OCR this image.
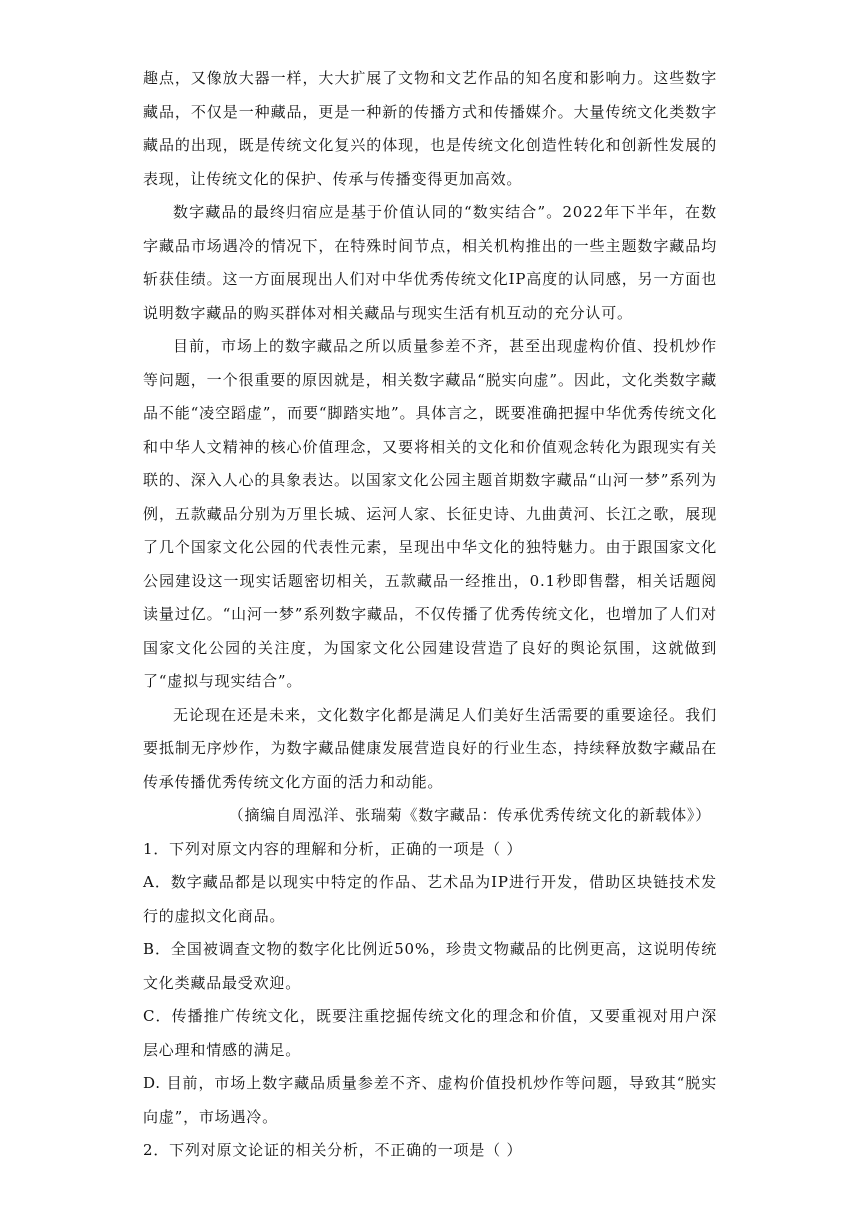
趣点，又像放大器一样，大大扩展了文物和文艺作品的知名度和影响力。这些数字藏品，不仅是一种藏品，更是一种新的传播方式和传播媒介。大量传统文化类数字藏品的出现，既是传统文化复兴的体现，也是传统文化创造性转化和创新性发展的表现，让传统文化的保护、传承与传播变得更加高效。

数字藏品的最终归宿应是基于价值认同的“数实结合”。2022年下半年，在数字藏品市场遇冷的情况下，在特殊时间节点，相关机构推出的一些主题数字藏品均斩获佳绩。这一方面展现出人们对中华优秀传统文化IP高度的认同感，另一方面也说明数字藏品的购买群体对相关藏品与现实生活有机互动的充分认可。

目前，市场上的数字藏品之所以质量参差不齐，甚至出现虚构价值、投机炒作等问题，一个很重要的原因就是，相关数字藏品“脱实向虚”。因此，文化类数字藏品不能“凌空蹈虚”，而要“脚踏实地”。具体言之，既要准确把握中华优秀传统文化和中华人文精神的核心价值理念，又要将相关的文化和价值观念转化为跟现实有关联的、深入人心的具象表达。以国家文化公园主题首期数字藏品“山河一梦”系列为例，五款藏品分别为万里长城、运河人家、长征史诗、九曲黄河、长江之歌，展现了几个国家文化公园的代表性元素，呈现出中华文化的独特魅力。由于跟国家文化公园建设这一现实话题密切相关，五款藏品一经推出，0.1秒即售罄，相关话题阅读量过亿。“山河一梦”系列数字藏品，不仅传播了优秀传统文化，也增加了人们对国家文化公园的关注度，为国家文化公园建设营造了良好的舆论氛围，这就做到了“虚拟与现实结合”。

无论现在还是未来，文化数字化都是满足人们美好生活需要的重要途径。我们要抵制无序炒作，为数字藏品健康发展营造良好的行业生态，持续释放数字藏品在传承传播优秀传统文化方面的活力和动能。

（摘编自周泓洋、张瑞菊《数字藏品：传承优秀传统文化的新载体》）

1．下列对原文内容的理解和分析，正确的一项是（ ）

A．数字藏品都是以现实中特定的作品、艺术品为IP进行开发，借助区块链技术发行的虚拟文化商品。

B．全国被调查文物的数字化比例近50%，珍贵文物藏品的比例更高，这说明传统文化类藏品最受欢迎。

C．传播推广传统文化，既要注重挖掘传统文化的理念和价值，又要重视对用户深层心理和情感的满足。

D. 目前，市场上数字藏品质量参差不齐、虚构价值投机炒作等问题，导致其“脱实向虚”，市场遇冷。

2．下列对原文论证的相关分析，不正确的一项是（ ）
